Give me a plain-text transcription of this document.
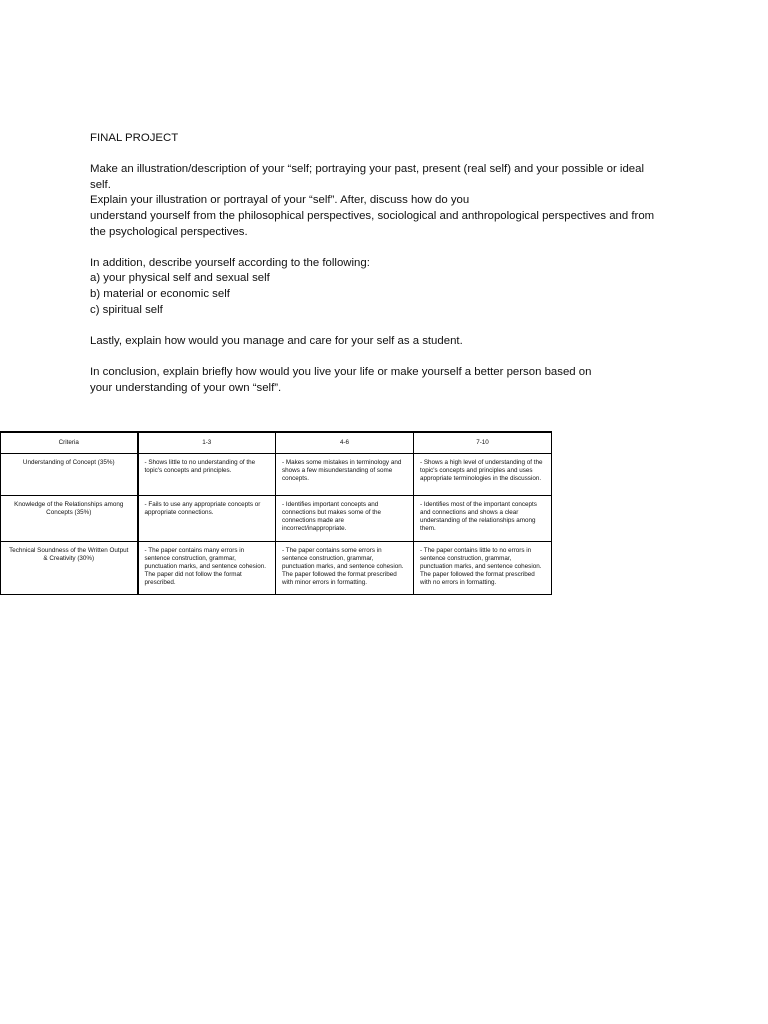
FINAL PROJECT

Make an illustration/description of your “self; portraying your past, present (real self) and your possible or ideal

self.

Explain your illustration or portrayal of your “self”. After, discuss how do you

understand yourself from the philosophical perspectives, sociological and anthropological perspectives and from

the psychological perspectives.

In addition, describe yourself according to the following:

a) your physical self and sexual self

b) material or economic self

c) spiritual self

Lastly, explain how would you manage and care for your self as a student.

In conclusion, explain briefly how would you live your life or make yourself a better person based on

your understanding of your own “self”.

Criteria	1-3	4-6	7-10
Understanding of Concept (35%)	- Shows little to no understanding of the topic's concepts and principles.	- Makes some mistakes in terminology and shows a few misunderstanding of some concepts.	- Shows a high level of understanding of the topic's concepts and principles and uses appropriate terminologies in the discussion.
Knowledge of the Relationships among Concepts (35%)	- Fails to use any appropriate concepts or appropriate connections.	- Identifies important concepts and connections but makes some of the connections made are incorrect/inappropriate.	- Identifies most of the important concepts and connections and shows a clear understanding of the relationships among them.
Technical Soundness of the Written Output & Creativity (30%)	- The paper contains many errors in sentence construction, grammar, punctuation marks, and sentence cohesion. The paper did not follow the format prescribed.	- The paper contains some errors in sentence construction, grammar, punctuation marks, and sentence cohesion. The paper followed the format prescribed with minor errors in formatting.	- The paper contains little to no errors in sentence construction, grammar, punctuation marks, and sentence cohesion. The paper followed the format prescribed with no errors in formatting.
